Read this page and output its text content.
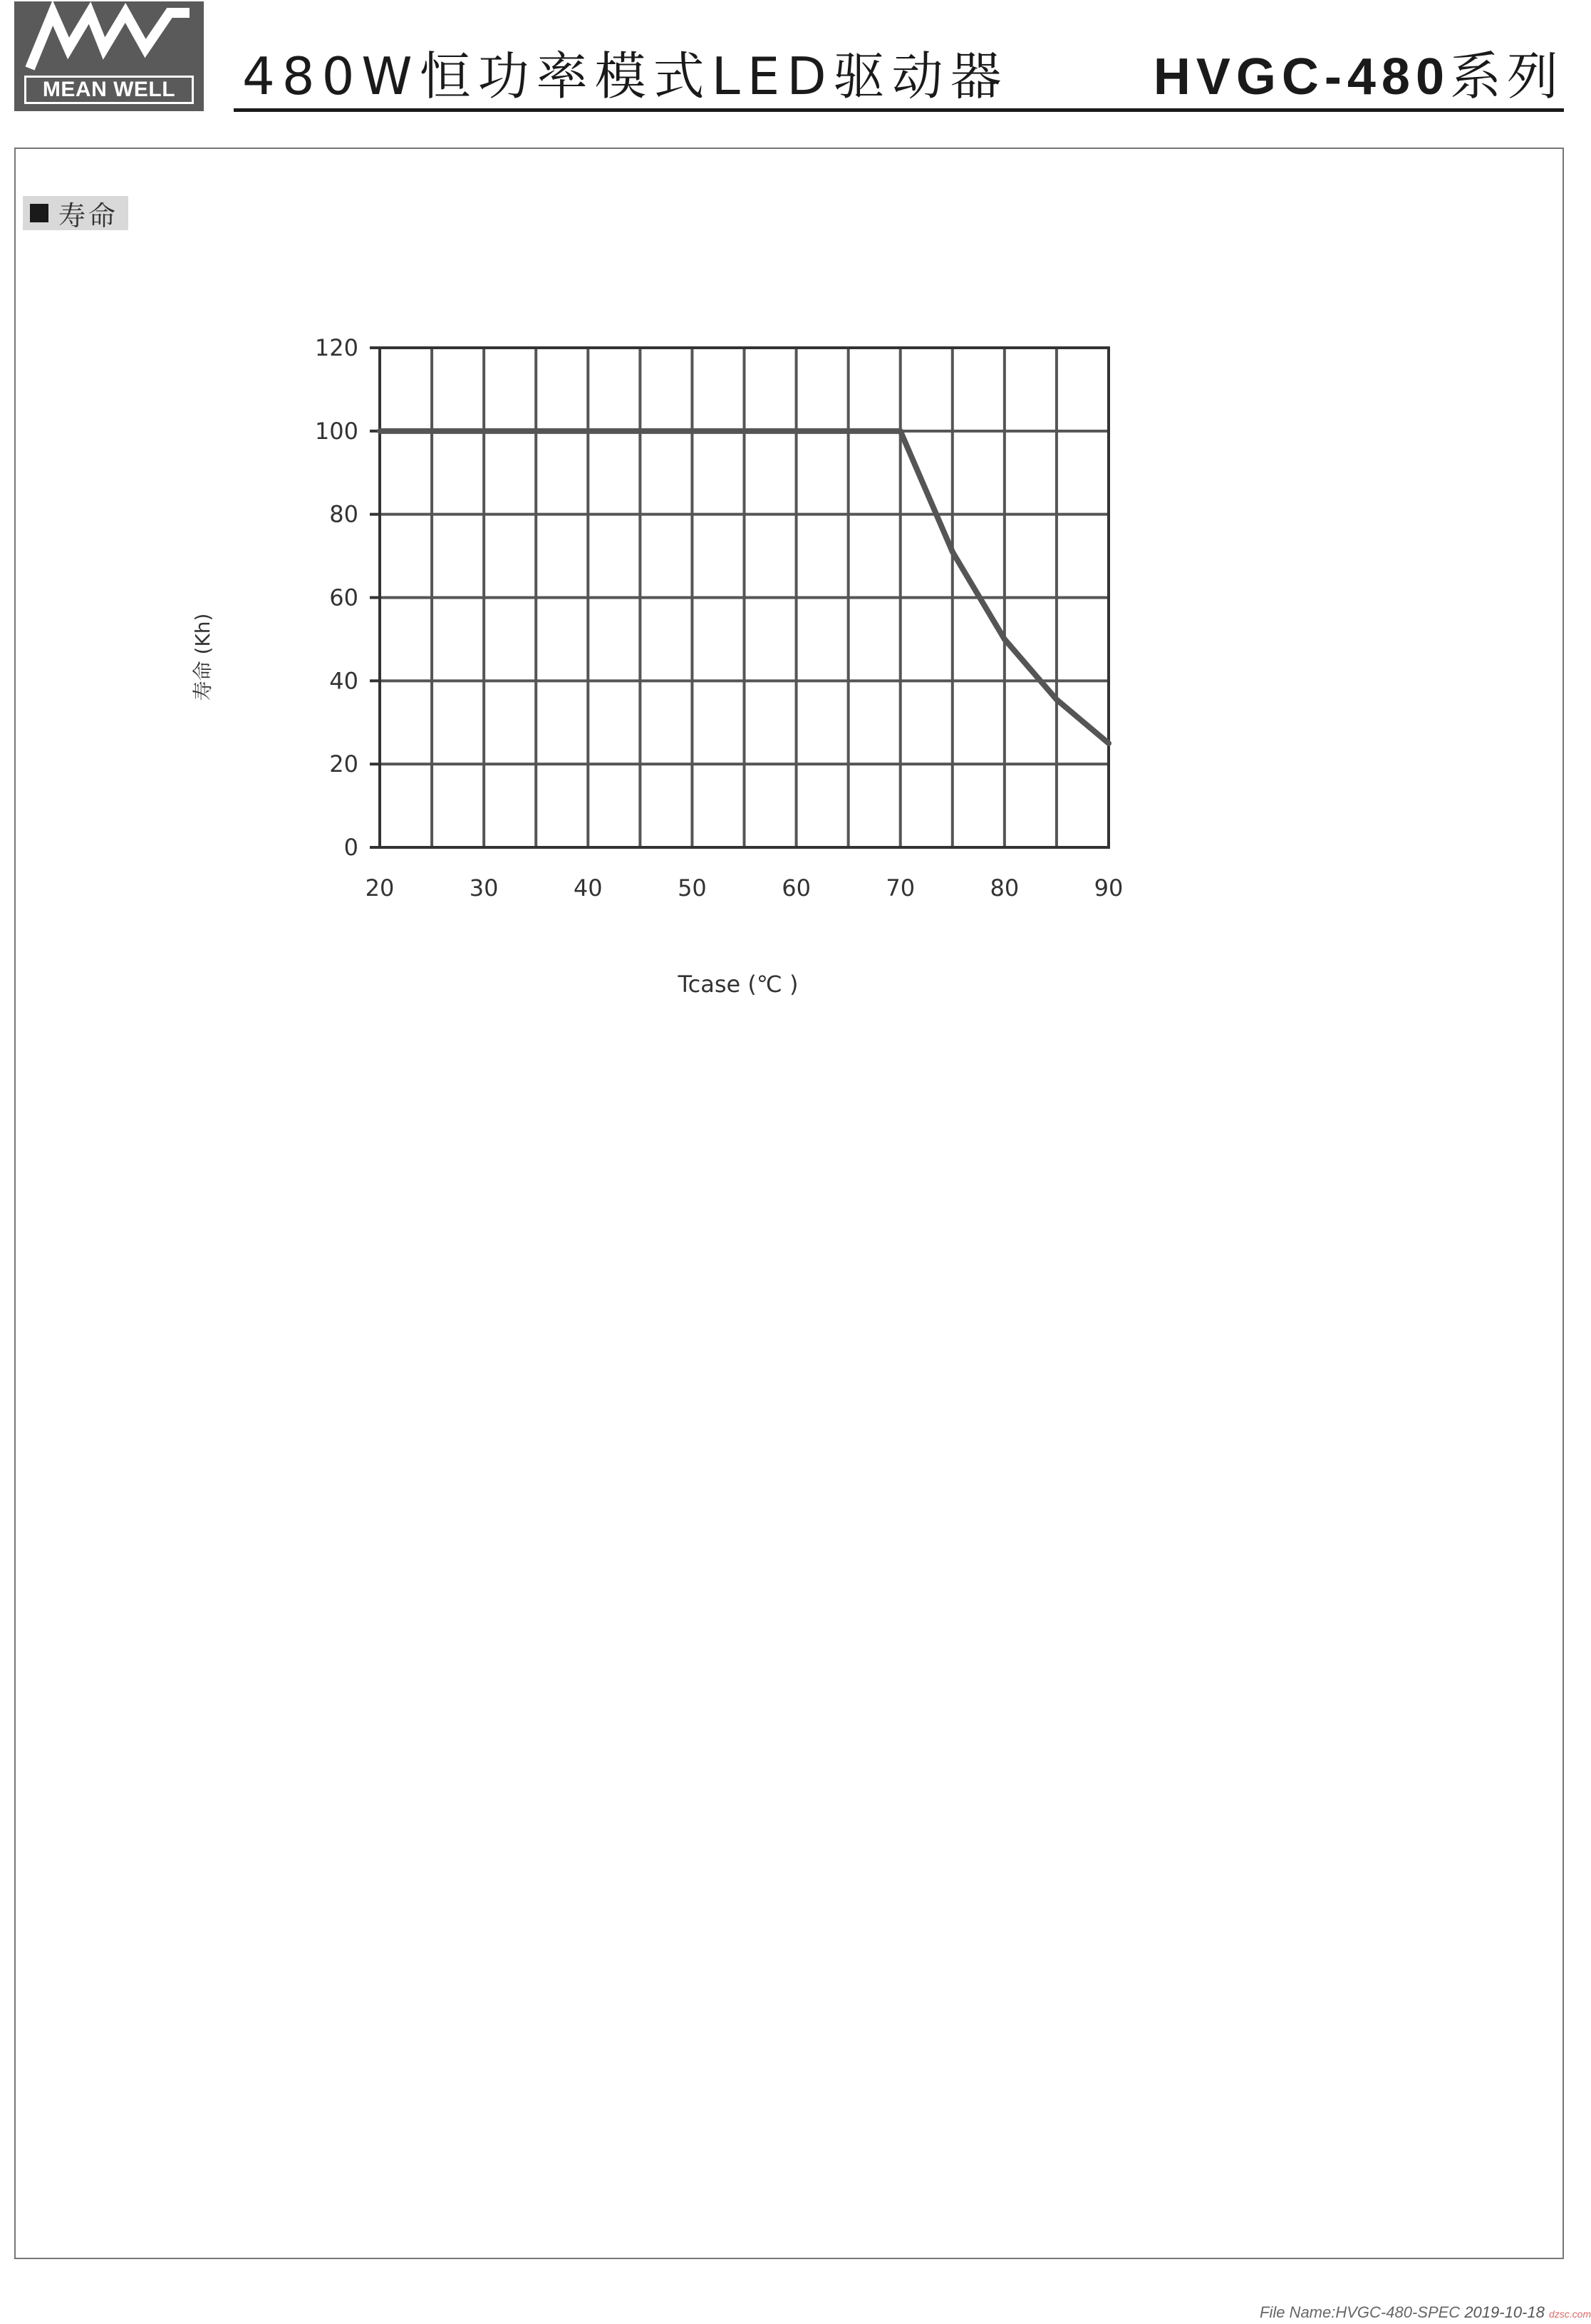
MEAN WELL	480W恒功率模式LED驱动器	HVGC-480系列
寿命
0
20
40
60
80
100
120
20	30	40	50	60	70	80	90
Tcase (℃ )
寿命 (Kh)
File Name:HVGC-480-SPEC 2019-10-18 dzsc.com
